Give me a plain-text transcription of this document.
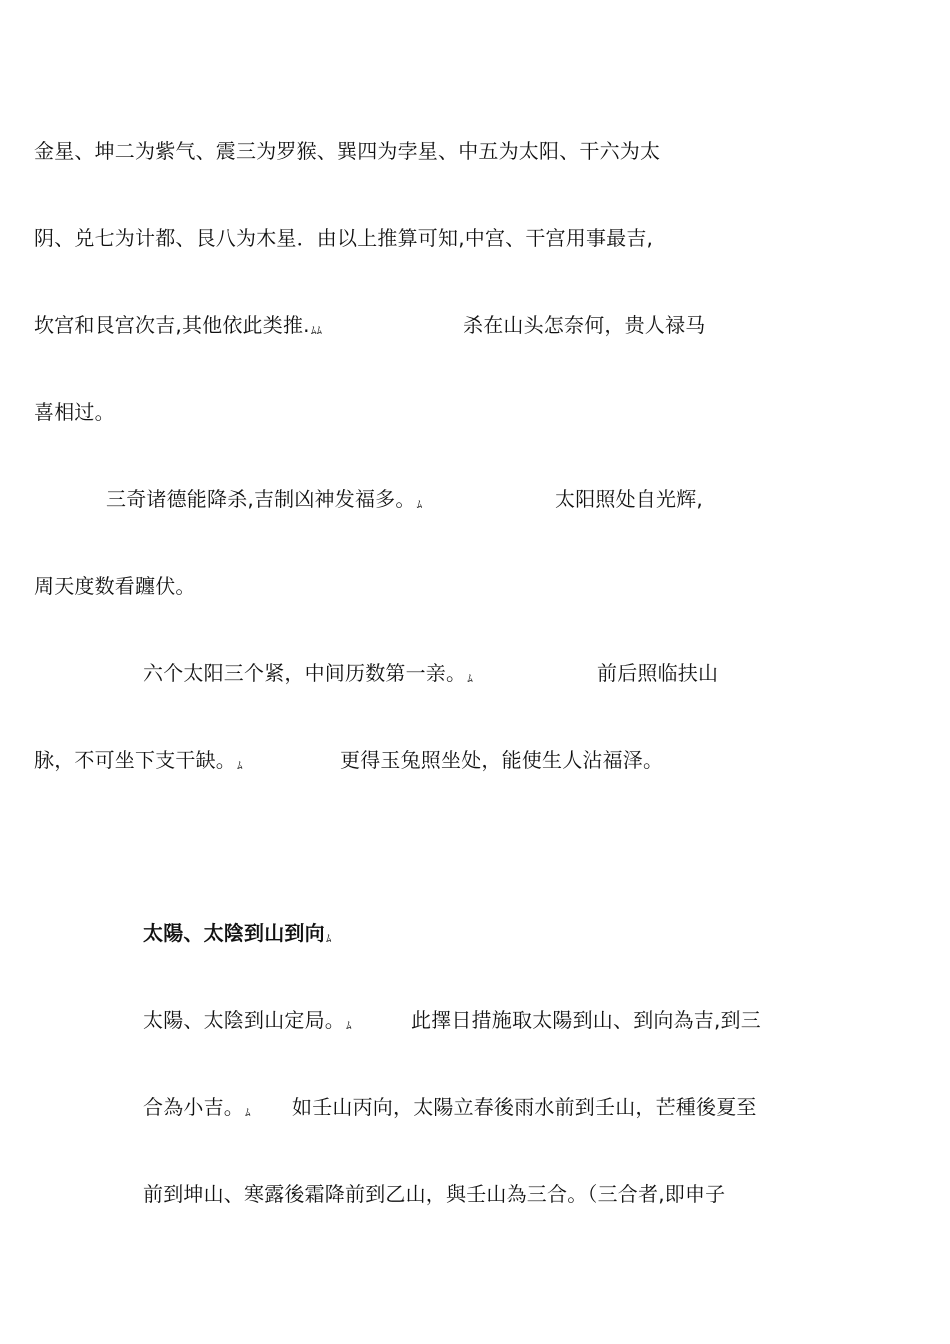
金星、坤二为紫气、震三为罗猴、巽四为孛星、中五为太阳、干六为太
阴、兑七为计都、艮八为木星．由以上推算可知,中宫、干宫用事最吉,
坎宫和艮宫次吉,其他依此类推.ﾑﾑ	杀在山头怎奈何，贵人禄马
喜相过。
三奇诸德能降杀,吉制凶神发福多。ﾑ	太阳照处自光辉,
周天度数看躔伏。
六个太阳三个紧，中间历数第一亲。ﾑ	前后照临扶山
脉，不可坐下支干缺。ﾑ	更得玉兔照坐处，能使生人沾福泽。
太陽、太陰到山到向ﾑ
太陽、太陰到山定局。ﾑ	此擇日措施取太陽到山、到向為吉,到三
合為小吉。ﾑ 如壬山丙向，太陽立春後雨水前到壬山，芒種後夏至
前到坤山、寒露後霜降前到乙山，與壬山為三合。（三合者,即申子
